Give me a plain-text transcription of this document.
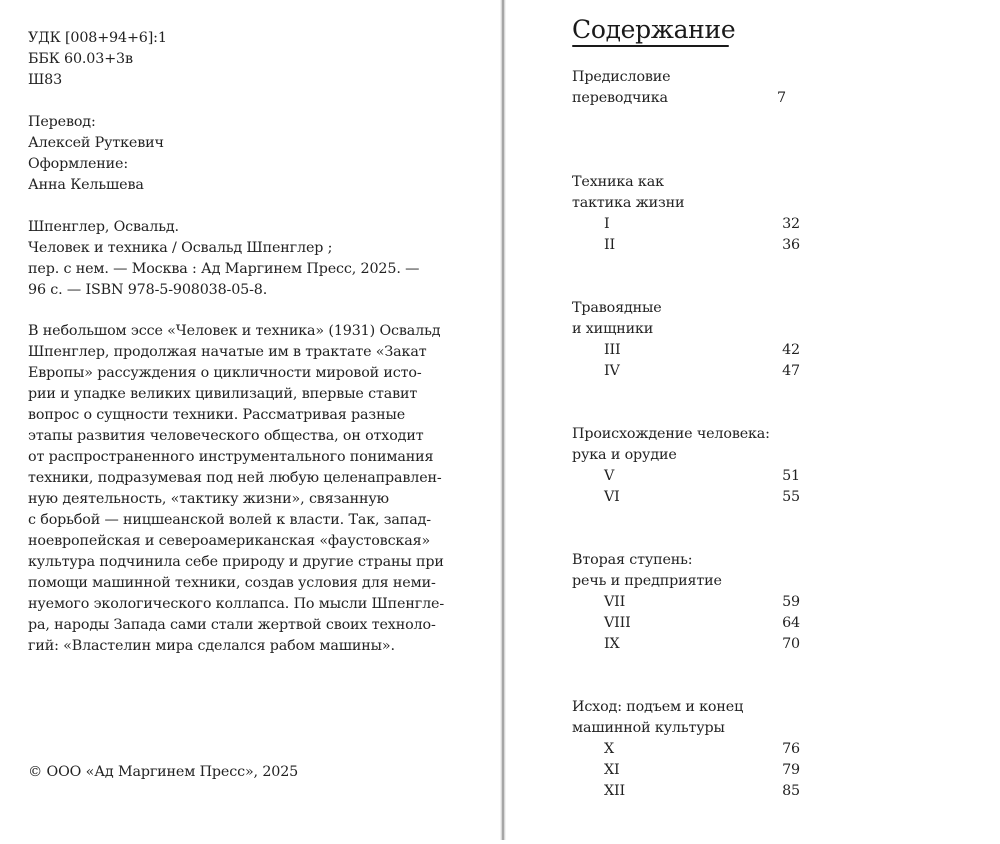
УДК [008+94+6]:1
ББК 60.03+3в
Ш83
Перевод:
Алексей Руткевич
Оформление:
Анна Кельшева
Шпенглер, Освальд.
Человек и техника / Освальд Шпенглер ;
пер. с нем. — Москва : Ад Маргинем Пресс, 2025. —
96 с. — ISBN 978-5-908038-05-8.
В небольшом эссе «Человек и техника» (1931) Освальд
Шпенглер, продолжая начатые им в трактате «Закат
Европы» рассуждения о цикличности мировой исто-
рии и упадке великих цивилизаций, впервые ставит
вопрос о сущности техники. Рассматривая разные
этапы развития человеческого общества, он отходит
от распространенного инструментального понимания
техники, подразумевая под ней любую целенаправлен-
ную деятельность, «тактику жизни», связанную
с борьбой — ницшеанской волей к власти. Так, запад-
ноевропейская и североамериканская «фаустовская»
культура подчинила себе природу и другие страны при
помощи машинной техники, создав условия для неми-
нуемого экологического коллапса. По мысли Шпенгле-
ра, народы Запада сами стали жертвой своих техноло-
гий: «Властелин мира сделался рабом машины».
© ООО «Ад Маргинем Пресс», 2025
Содержание
Предисловие
переводчика	7
Техника как
тактика жизни
I	32
II	36
Травоядные
и хищники
III	42
IV	47
Происхождение человека:
рука и орудие
V	51
VI	55
Вторая ступень:
речь и предприятие
VII	59
VIII	64
IX	70
Исход: подъем и конец
машинной культуры
X	76
XI	79
XII	85
